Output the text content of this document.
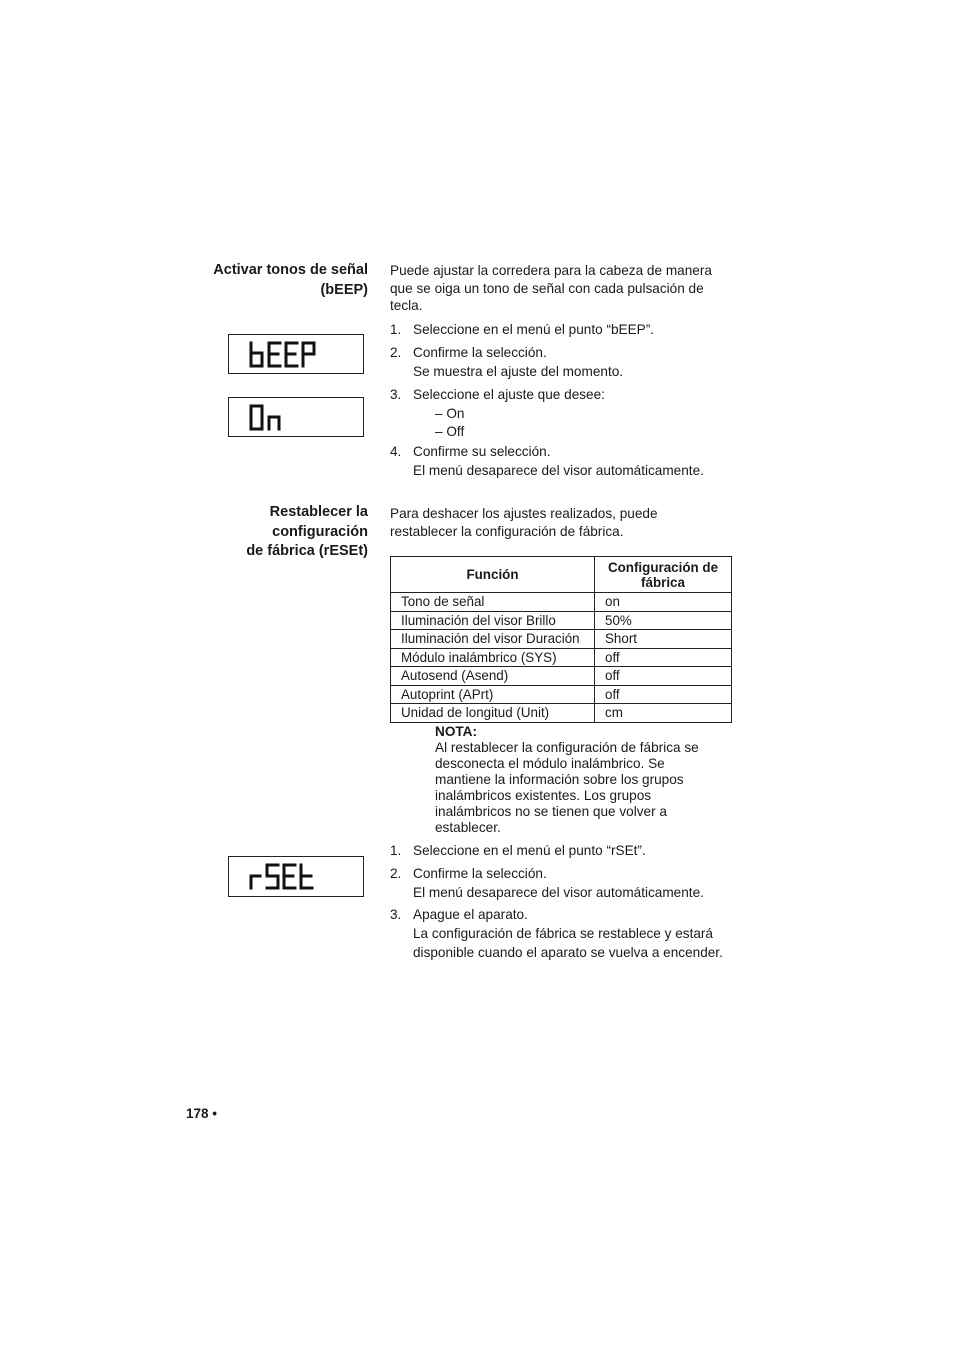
Activar tonos de señal
(bEEP)
Puede ajustar la corredera para la cabeza de manera
que se oiga un tono de señal con cada pulsación de
tecla.
1. Seleccione en el menú el punto “bEEP”.
2. Confirme la selección.
Se muestra el ajuste del momento.
3. Seleccione el ajuste que desee:
– On
– Off
4. Confirme su selección.
El menú desaparece del visor automáticamente.
Restablecer la
configuración
de fábrica (rESEt)
Para deshacer los ajustes realizados, puede
restablecer la configuración de fábrica.
Función	Configuración de fábrica
Tono de señal	on
Iluminación del visor Brillo	50%
Iluminación del visor Duración	Short
Módulo inalámbrico (SYS)	off
Autosend (Asend)	off
Autoprint (APrt)	off
Unidad de longitud (Unit)	cm
NOTA:
Al restablecer la configuración de fábrica se
desconecta el módulo inalámbrico. Se
mantiene la información sobre los grupos
inalámbricos existentes. Los grupos
inalámbricos no se tienen que volver a
establecer.
1. Seleccione en el menú el punto “rSEt”.
2. Confirme la selección.
El menú desaparece del visor automáticamente.
3. Apague el aparato.
La configuración de fábrica se restablece y estará
disponible cuando el aparato se vuelva a encender.
178 •
